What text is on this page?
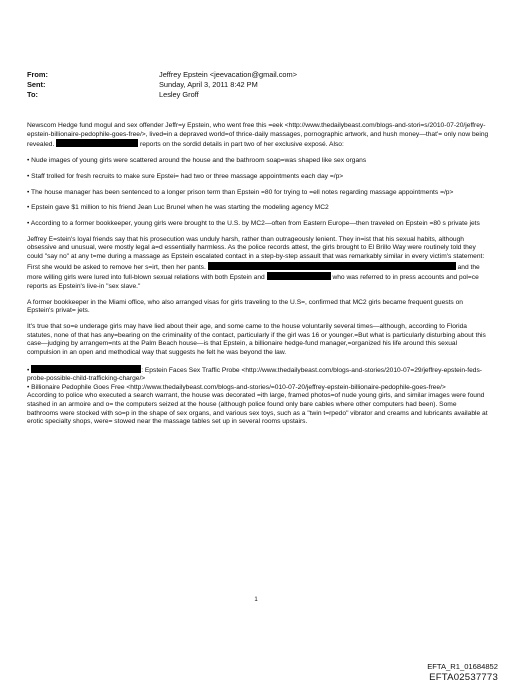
From:	Jeffrey Epstein <jeevacation@gmail.com>
Sent:	Sunday, April 3, 2011 8:42 PM
To:	Lesley Groff

Newscom Hedge fund mogul and sex offender Jeffr=y Epstein, who went free this =eek <http://www.thedailybeast.com/blogs-and-stori=s/2010-07-20/jeffrey-epstein-billionaire-pedophile-goes-free/>, lived=in a depraved world=of thrice-daily massages, pornographic artwork, and hush money—that'= only now being revealed.	reports on the sordid details in part two of her exclusive exposé. Also:

• Nude images of young girls were scattered around the house and the bathroom soap=was shaped like sex organs

• Staff trolled for fresh recruits to make sure Epstei= had two or three massage appointments each day =/p>

• The house manager has been sentenced to a longer prison term than Epstein =80 for trying to =ell notes regarding massage appointments =/p>

• Epstein gave $1 million to his friend Jean Luc Brunel when he was starting the modeling agency MC2

• According to a former bookkeeper, young girls were brought to the U.S. by MC2—often from Eastern Europe—then traveled on Epstein =80 s private jets

Jeffrey E=stein's loyal friends say that his prosecution was unduly harsh, rather than outrageously lenient. They in=ist that his sexual habits, although obsessive and unusual, were mostly legal a=d essentially harmless. As the police records attest, the girls brought to El Brillo Way were routinely told they could "say no" at any t=me during a massage as Epstein escalated contact in a step-by-step assault that was remarkably similar in every victim's statement: First she would be asked to remove her s=irt, then her pants.	and the more willing girls were lured into full-blown sexual relations with both Epstein and	who was referred to in press accounts and pol=ce reports as Epstein's live-in "sex slave."

A former bookkeeper in the Miami office, who also arranged visas for girls traveling to the U.S=, confirmed that MC2 girls became frequent guests on Epstein's privat= jets.

It's true that so=e underage girls may have lied about their age, and some came to the house voluntarily several times—although, according to Florida statutes, none of that has any=bearing on the criminality of the contact, particularly if the girl was 16 or younger.=But what is particularly disturbing about this case—judging by arrangem=nts at the Palm Beach house—is that Epstein, a billionaire hedge-fund manager,=organized his life around this sexual compulsion in an open and methodical way that suggests he felt he was beyond the law.

•	: Epstein Faces Sex Traffic Probe <http://www.thedailybeast.com/blogs-and-stories/2010-07=29/jeffrey-epstein-feds-probe-possible-child-trafficking-charge/>

• Billionaire Pedophile Goes Free <http://www.thedailybeast.com/blogs-and-stories/=010-07-20/jeffrey-epstein-billionaire-pedophile-goes-free/>

According to police who executed a search warrant, the house was decorated =ith large, framed photos=of nude young girls, and similar images were found stashed in an armoire and o= the computers seized at the house (although police found only bare cables where other computers had been). Some bathrooms were stocked with so=p in the shape of sex organs, and various sex toys, such as a "twin t=rpedo" vibrator and creams and lubricants available at erotic specialty shops, were= stowed near the massage tables set up in several rooms upstairs.

1
EFTA_R1_01684852
EFTA02537773
